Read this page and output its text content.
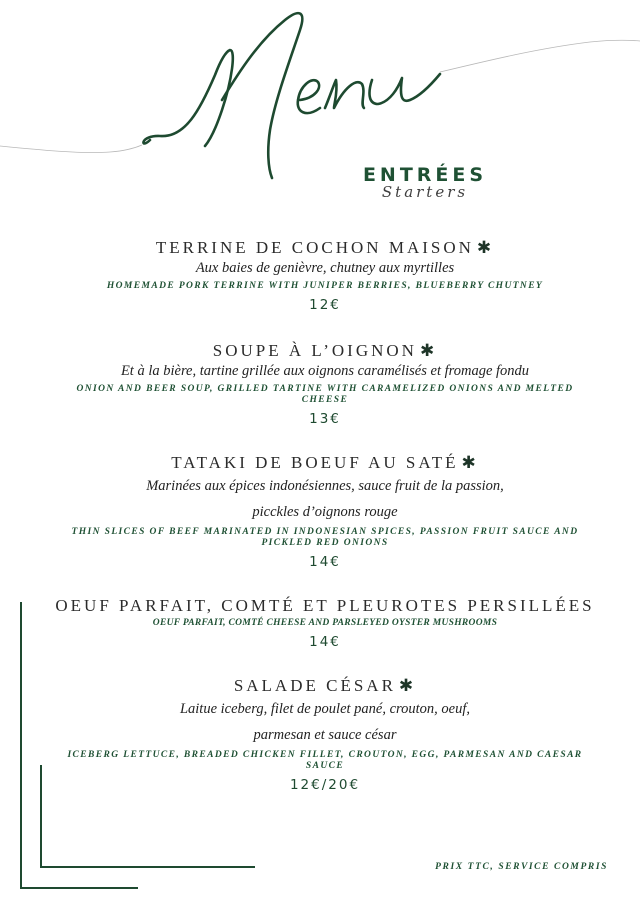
ENTRÉES
Starters
TERRINE DE COCHON MAISON ✱
Aux baies de genièvre, chutney aux myrtilles
HOMEMADE PORK TERRINE WITH JUNIPER BERRIES, BLUEBERRY CHUTNEY
12€
SOUPE À L’OIGNON ✱
Et à la bière, tartine grillée aux oignons caramélisés et fromage fondu
ONION AND BEER SOUP, GRILLED TARTINE WITH CARAMELIZED ONIONS AND MELTED CHEESE
13€
TATAKI DE BOEUF AU SATÉ ✱
Marinées aux épices indonésiennes, sauce fruit de la passion,
picckles d’oignons rouge
THIN SLICES OF BEEF MARINATED IN INDONESIAN SPICES, PASSION FRUIT SAUCE AND PICKLED RED ONIONS
14€
OEUF PARFAIT, COMTÉ ET PLEUROTES PERSILLÉES
OEUF PARFAIT, COMTÉ CHEESE AND PARSLEYED OYSTER MUSHROOMS
14€
SALADE CÉSAR ✱
Laitue iceberg, filet de poulet pané, crouton, oeuf,
parmesan et sauce césar
ICEBERG LETTUCE, BREADED CHICKEN FILLET, CROUTON, EGG, PARMESAN AND CAESAR SAUCE
12€/20€
PRIX TTC, SERVICE COMPRIS
